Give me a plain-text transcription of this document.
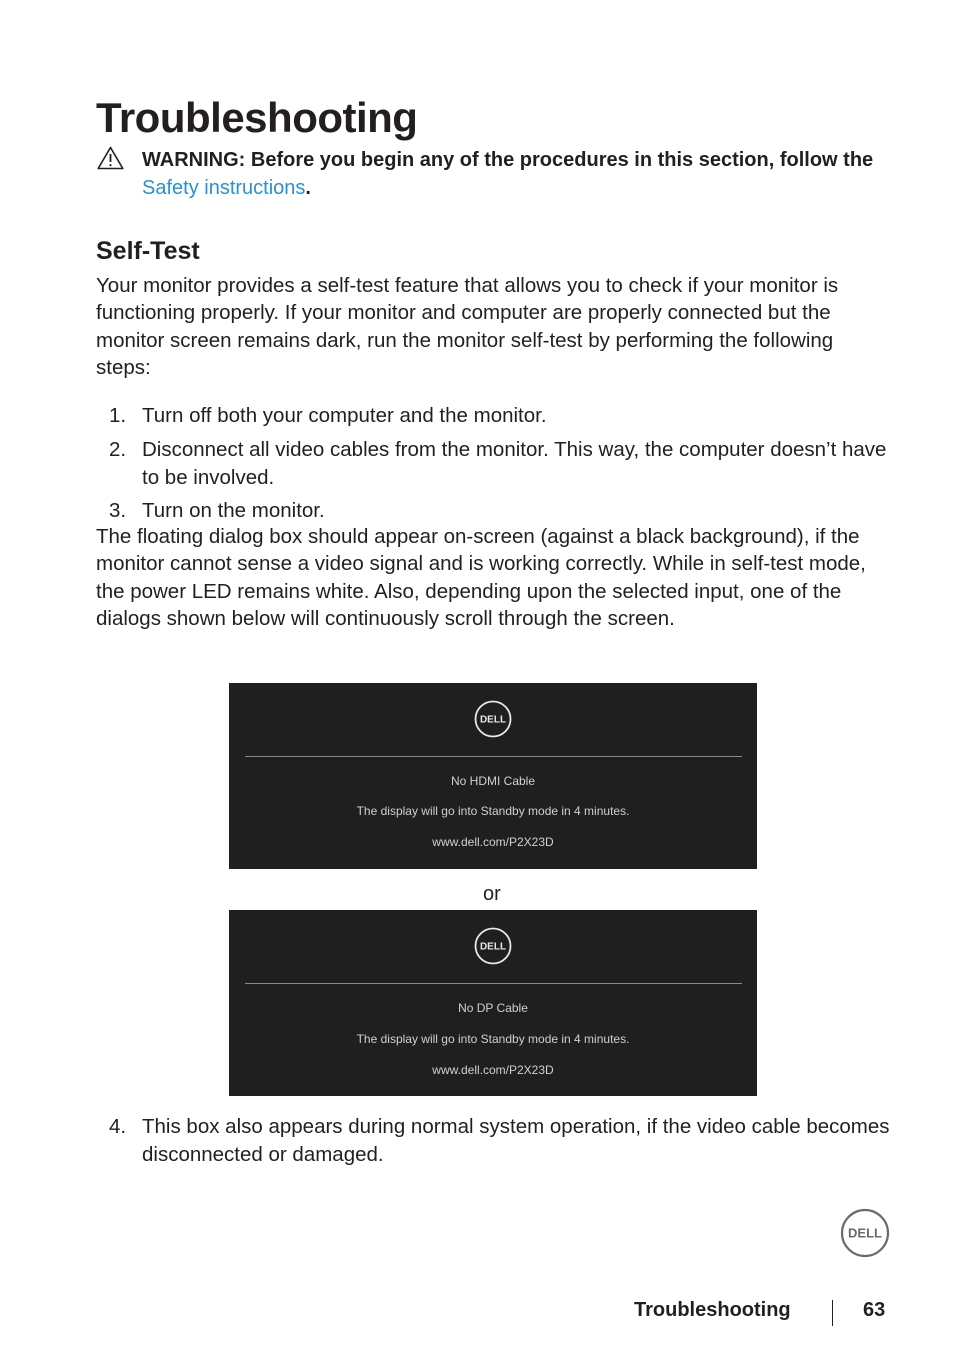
Troubleshooting
WARNING: Before you begin any of the procedures in this section, follow the Safety instructions.
Self-Test

Your monitor provides a self-test feature that allows you to check if your monitor is functioning properly. If your monitor and computer are properly connected but the monitor screen remains dark, run the monitor self-test by performing the following steps:

1. Turn off both your computer and the monitor.
2. Disconnect all video cables from the monitor. This way, the computer doesn’t have to be involved.
3. Turn on the monitor.

The floating dialog box should appear on-screen (against a black background), if the monitor cannot sense a video signal and is working correctly. While in self-test mode, the power LED remains white. Also, depending upon the selected input, one of the dialogs shown below will continuously scroll through the screen.

DELL
No HDMI Cable
The display will go into Standby mode in 4 minutes.
www.dell.com/P2X23D
or
DELL
No DP Cable
The display will go into Standby mode in 4 minutes.
www.dell.com/P2X23D
4. This box also appears during normal system operation, if the video cable becomes disconnected or damaged.
DELL
Troubleshooting	63
